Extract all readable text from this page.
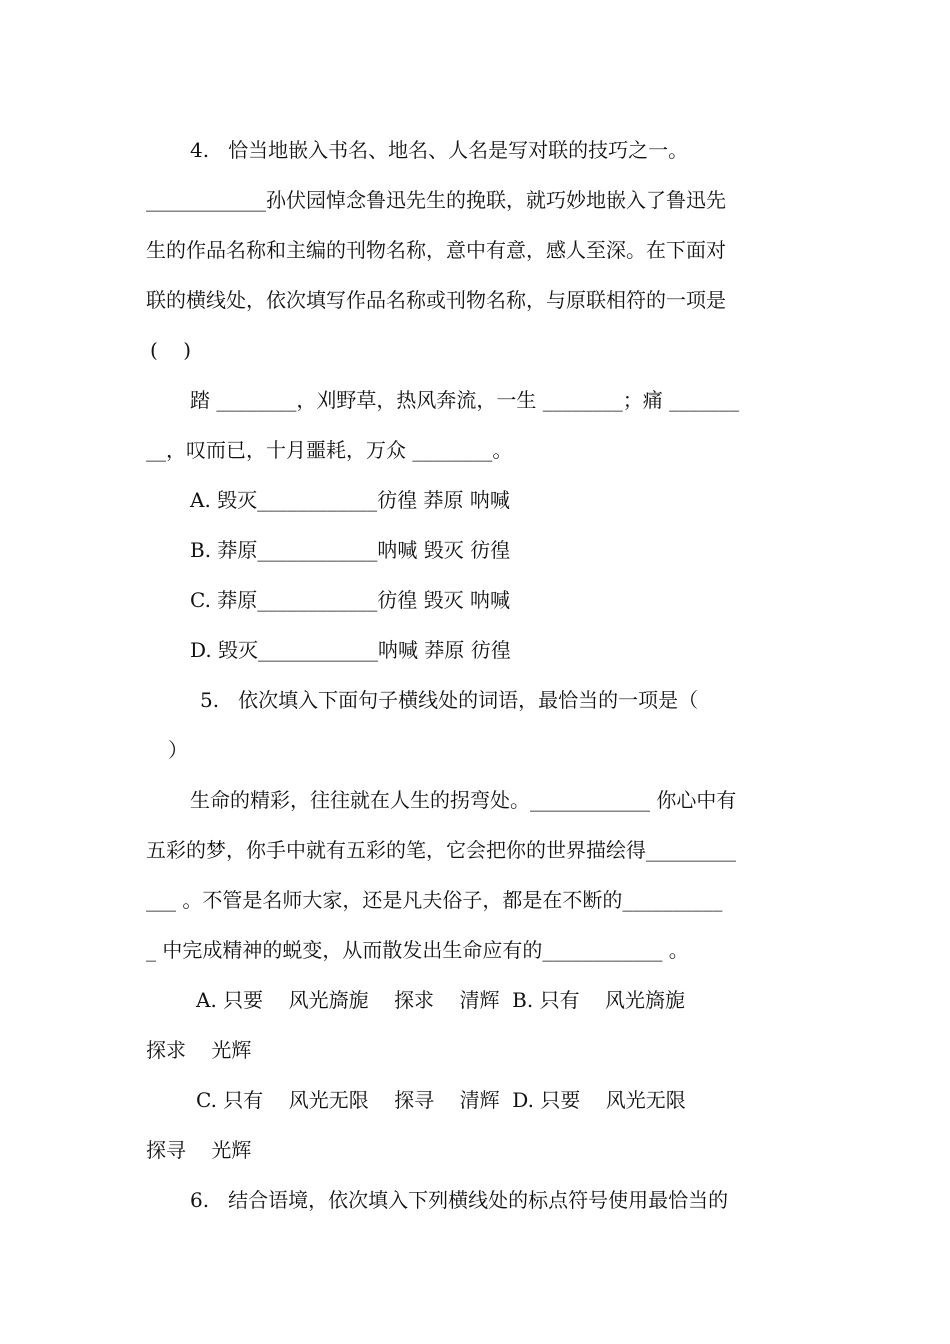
4.   恰当地嵌入书名、地名、人名是写对联的技巧之一。
____________孙伏园悼念鲁迅先生的挽联，就巧妙地嵌入了鲁迅先
生的作品名称和主编的刊物名称，意中有意，感人至深。在下面对
联的横线处，依次填写作品名称或刊物名称，与原联相符的一项是
(    )
踏 ________，刈野草，热风奔流，一生 ________；痛 _______
__，叹而已，十月噩耗，万众 ________。
A. 毁灭____________彷徨 莽原 呐喊
B. 莽原____________呐喊 毁灭 彷徨
C. 莽原____________彷徨 毁灭 呐喊
D. 毁灭____________呐喊 莽原 彷徨
5.   依次填入下面句子横线处的词语，最恰当的一项是（
）
生命的精彩，往往就在人生的拐弯处。____________ 你心中有
五彩的梦，你手中就有五彩的笔，它会把你的世界描绘得_________
___ 。不管是名师大家，还是凡夫俗子，都是在不断的__________
_ 中完成精神的蜕变，从而散发出生命应有的____________ 。
A. 只要    风光旖旎    探求    清辉  B. 只有    风光旖旎
探求    光辉
C. 只有    风光无限    探寻    清辉  D. 只要    风光无限
探寻    光辉
6.   结合语境，依次填入下列横线处的标点符号使用最恰当的
